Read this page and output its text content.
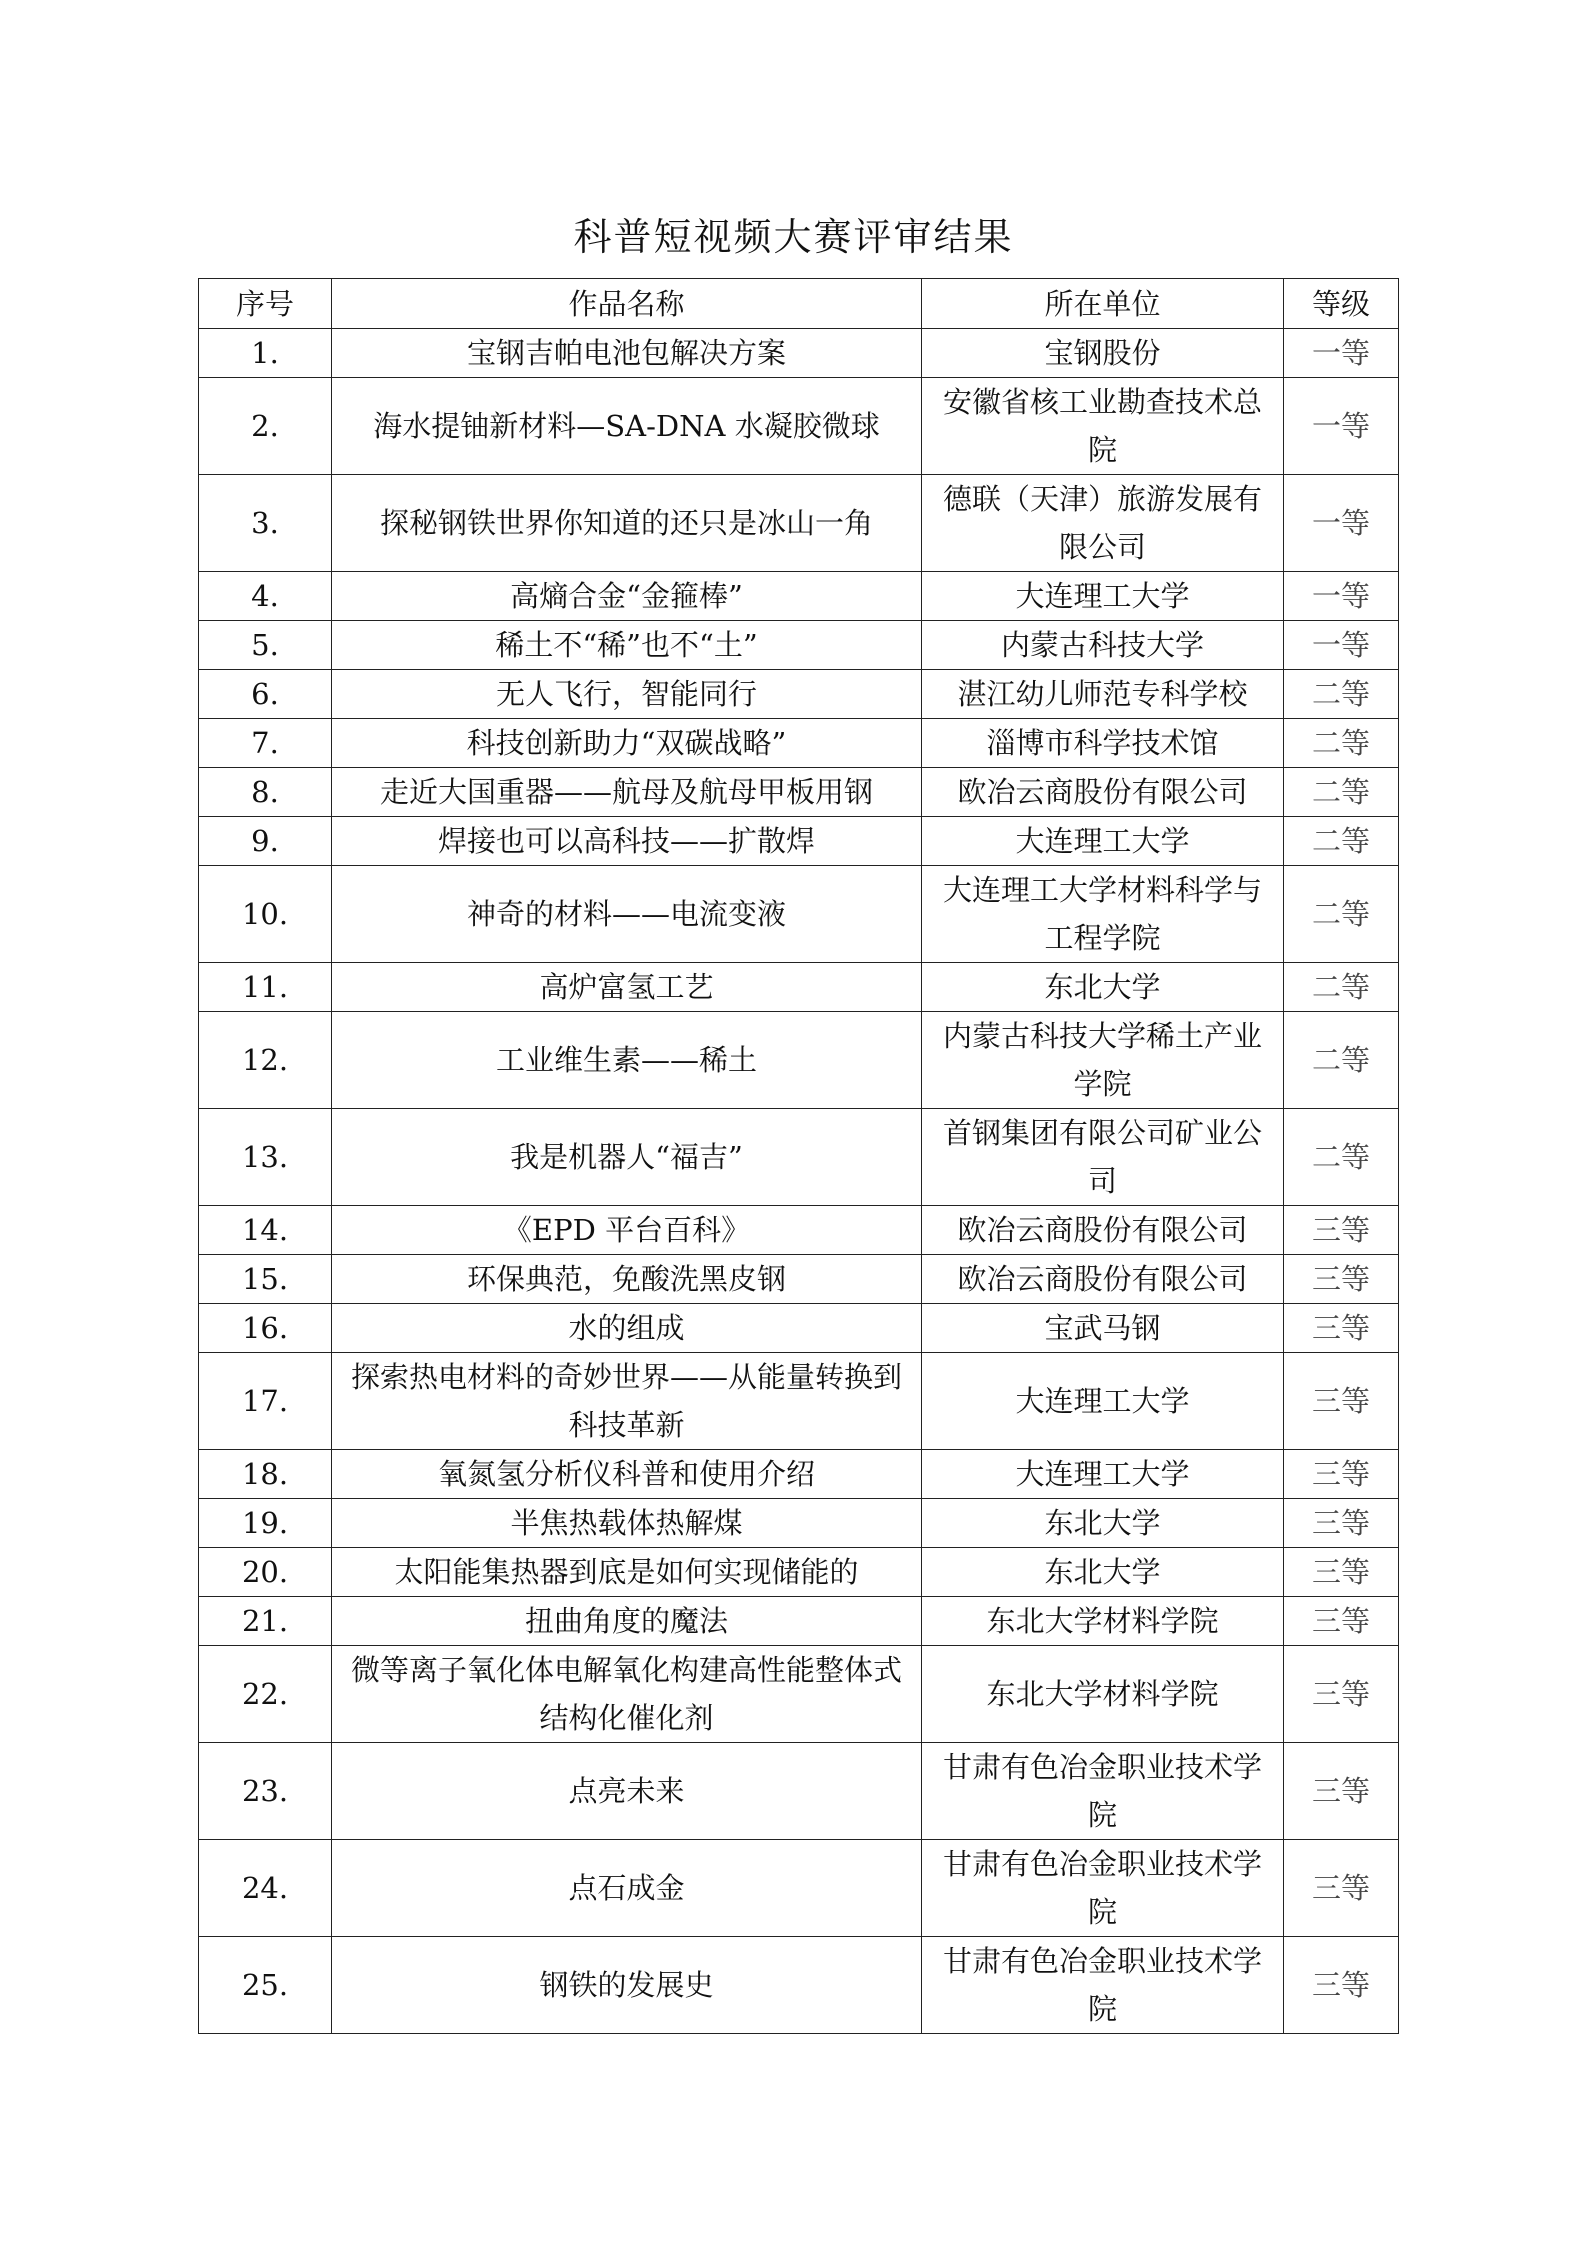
科普短视频大赛评审结果
序号	作品名称	所在单位	等级
1.	宝钢吉帕电池包解决方案	宝钢股份	一等
2.	海水提铀新材料—SA-DNA 水凝胶微球	安徽省核工业勘查技术总院	一等
3.	探秘钢铁世界你知道的还只是冰山一角	德联（天津）旅游发展有限公司	一等
4.	高熵合金“金箍棒”	大连理工大学	一等
5.	稀土不“稀”也不“土”	内蒙古科技大学	一等
6.	无人飞行，智能同行	湛江幼儿师范专科学校	二等
7.	科技创新助力“双碳战略”	淄博市科学技术馆	二等
8.	走近大国重器——航母及航母甲板用钢	欧冶云商股份有限公司	二等
9.	焊接也可以高科技——扩散焊	大连理工大学	二等
10.	神奇的材料——电流变液	大连理工大学材料科学与工程学院	二等
11.	高炉富氢工艺	东北大学	二等
12.	工业维生素——稀土	内蒙古科技大学稀土产业学院	二等
13.	我是机器人“福吉”	首钢集团有限公司矿业公司	二等
14.	《EPD 平台百科》	欧冶云商股份有限公司	三等
15.	环保典范，免酸洗黑皮钢	欧冶云商股份有限公司	三等
16.	水的组成	宝武马钢	三等
17.	探索热电材料的奇妙世界——从能量转换到科技革新	大连理工大学	三等
18.	氧氮氢分析仪科普和使用介绍	大连理工大学	三等
19.	半焦热载体热解煤	东北大学	三等
20.	太阳能集热器到底是如何实现储能的	东北大学	三等
21.	扭曲角度的魔法	东北大学材料学院	三等
22.	微等离子氧化体电解氧化构建高性能整体式结构化催化剂	东北大学材料学院	三等
23.	点亮未来	甘肃有色冶金职业技术学院	三等
24.	点石成金	甘肃有色冶金职业技术学院	三等
25.	钢铁的发展史	甘肃有色冶金职业技术学院	三等
